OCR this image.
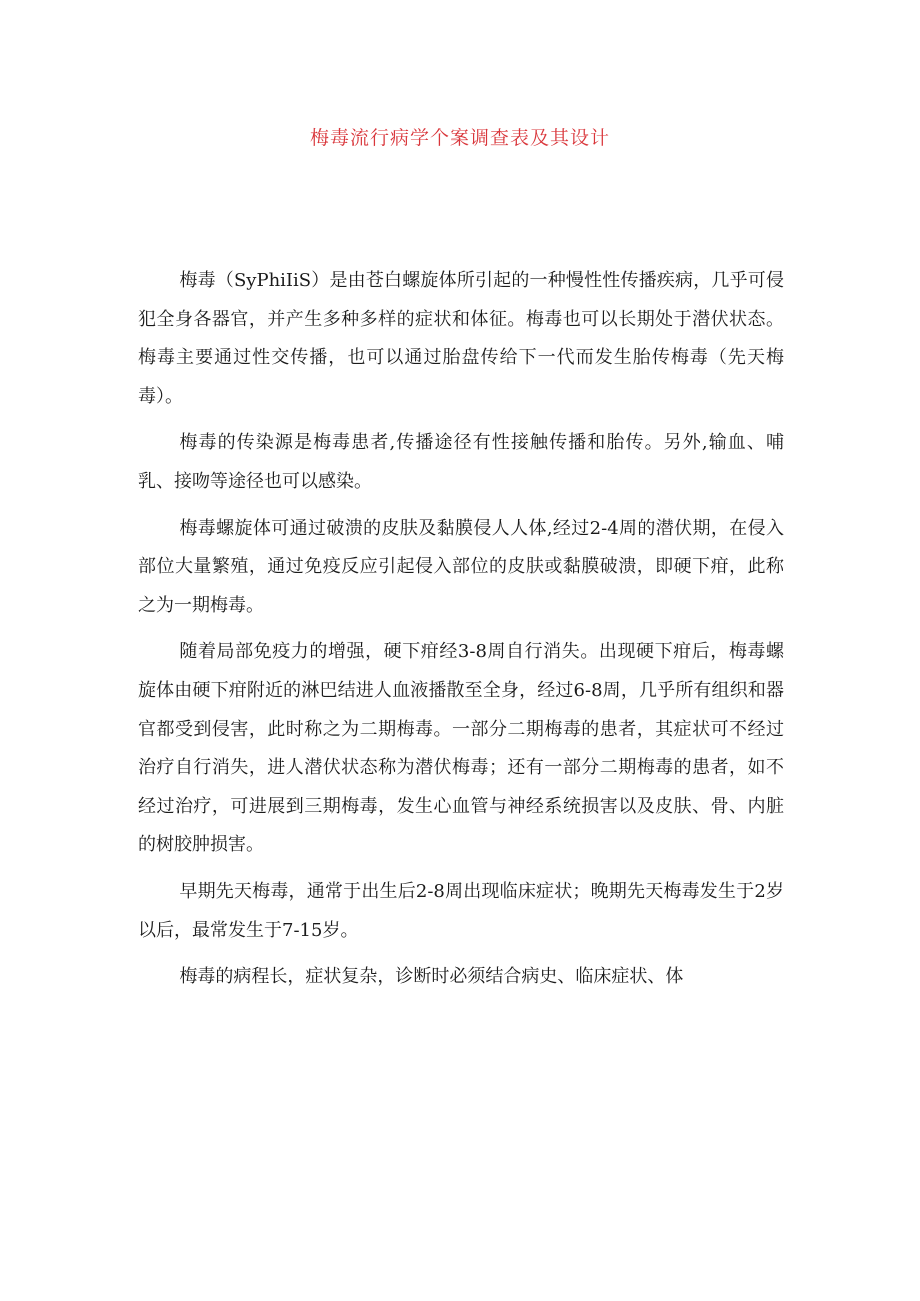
梅毒流行病学个案调查表及其设计

梅毒（SyPhiIiS）是由苍白螺旋体所引起的一种慢性性传播疾病，几乎可侵犯全身各器官，并产生多种多样的症状和体征。梅毒也可以长期处于潜伏状态。梅毒主要通过性交传播，也可以通过胎盘传给下一代而发生胎传梅毒（先天梅毒）。

梅毒的传染源是梅毒患者,传播途径有性接触传播和胎传。另外,输血、哺乳、接吻等途径也可以感染。

梅毒螺旋体可通过破溃的皮肤及黏膜侵人人体,经过2-4周的潜伏期，在侵入部位大量繁殖，通过免疫反应引起侵入部位的皮肤或黏膜破溃，即硬下疳，此称之为一期梅毒。

随着局部免疫力的增强，硬下疳经3-8周自行消失。出现硬下疳后，梅毒螺旋体由硬下疳附近的淋巴结进人血液播散至全身，经过6-8周，几乎所有组织和器官都受到侵害，此时称之为二期梅毒。一部分二期梅毒的患者，其症状可不经过治疗自行消失，进人潜伏状态称为潜伏梅毒；还有一部分二期梅毒的患者，如不经过治疗，可进展到三期梅毒，发生心血管与神经系统损害以及皮肤、骨、内脏的树胶肿损害。

早期先天梅毒，通常于出生后2-8周出现临床症状；晚期先天梅毒发生于2岁以后，最常发生于7-15岁。

梅毒的病程长，症状复杂，诊断时必须结合病史、临床症状、体
